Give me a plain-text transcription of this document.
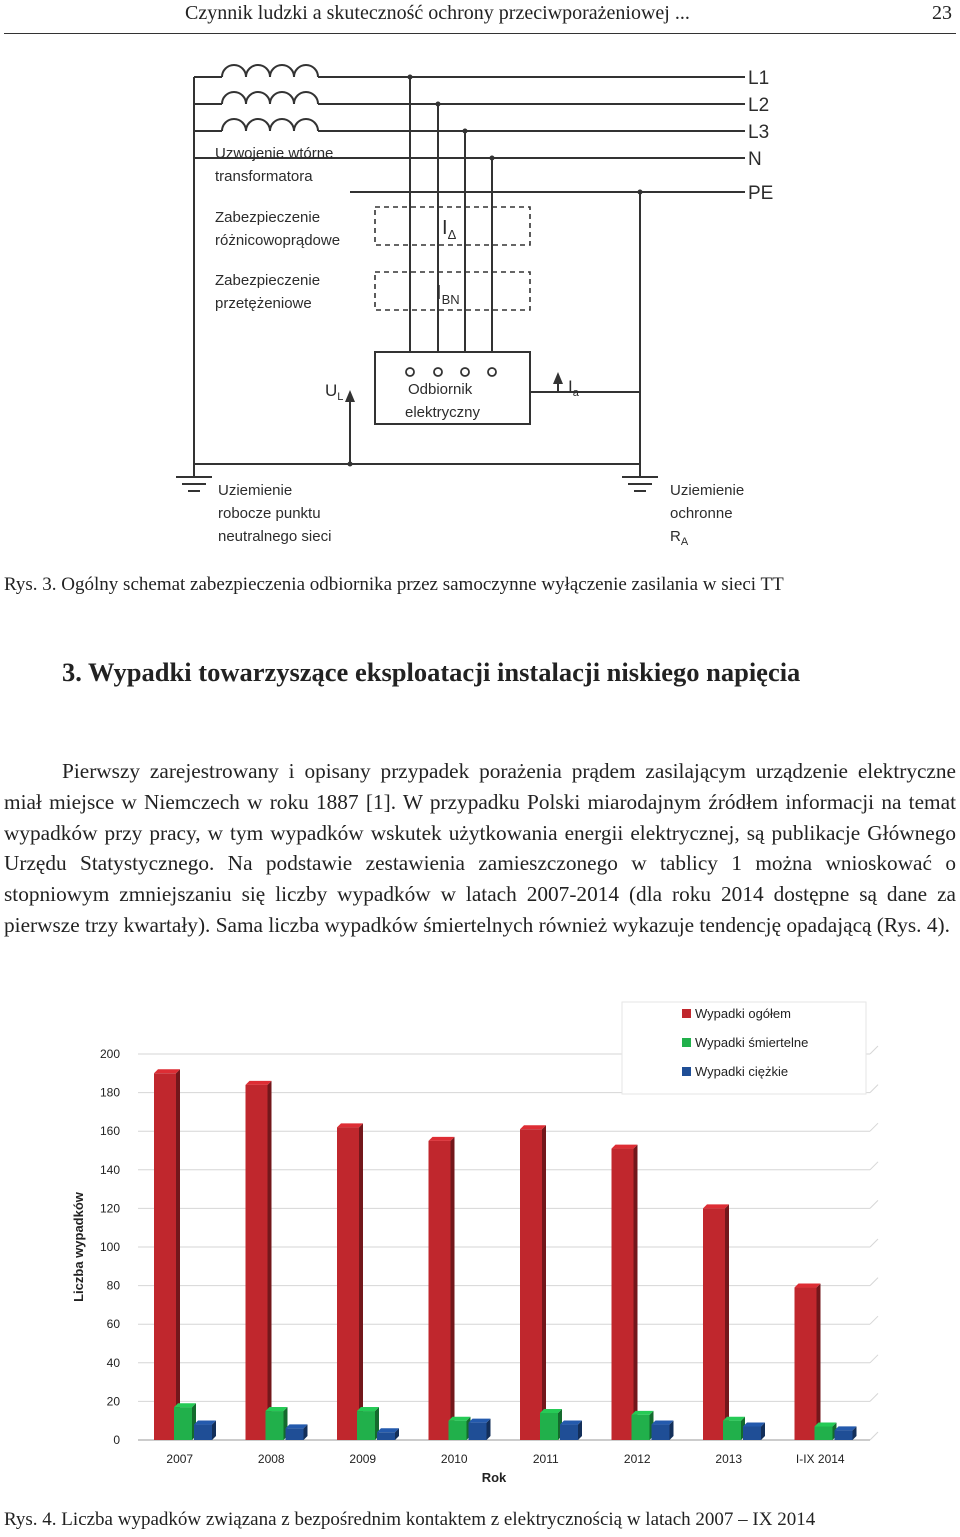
Czynnik ludzki a skuteczność ochrony przeciwporażeniowej ...	23
L1
L2
L3
N
PE
Uzwojenie wtórne
transformatora
Zabezpieczenie
różnicowoprądowe
Zabezpieczenie
przetężeniowe
Odbiornik
elektryczny
Uziemienie
robocze punktu
neutralnego sieci
Uziemienie
ochronne
$R_A$
$I_\Delta$
$I_{BN}$
$U_L$
$I_a$
Rys. 3. Ogólny schemat zabezpieczenia odbiornika przez samoczynne wyłączenie zasilania w sieci TT
3. Wypadki towarzyszące eksploatacji instalacji niskiego napięcia

Pierwszy zarejestrowany i opisany przypadek porażenia prądem zasilającym urządzenie elektryczne miał miejsce w Niemczech w roku 1887 [1]. W przypadku Polski miarodajnym źródłem informacji na temat wypadków przy pracy, w tym wypadków wskutek użytkowania energii elektrycznej, są publikacje Głównego Urzędu Statystycznego. Na podstawie zestawienia zamieszczonego w tablicy 1 można wnioskować o stopniowym zmniejszaniu się liczby wypadków w latach 2007-2014 (dla roku 2014 dostępne są dane za pierwsze trzy kwartały). Sama liczba wypadków śmiertelnych również wykazuje tendencję opadającą (Rys. 4).

0
20
40
60
80
100
120
140
160
180
200
Liczba wypadków
2007	2008	2009	2010	2011	2012	2013	I-IX 2014
Rok
Wypadki ogółem
Wypadki śmiertelne
Wypadki ciężkie
Rys. 4. Liczba wypadków związana z bezpośrednim kontaktem z elektrycznością w latach 2007 – IX 2014
